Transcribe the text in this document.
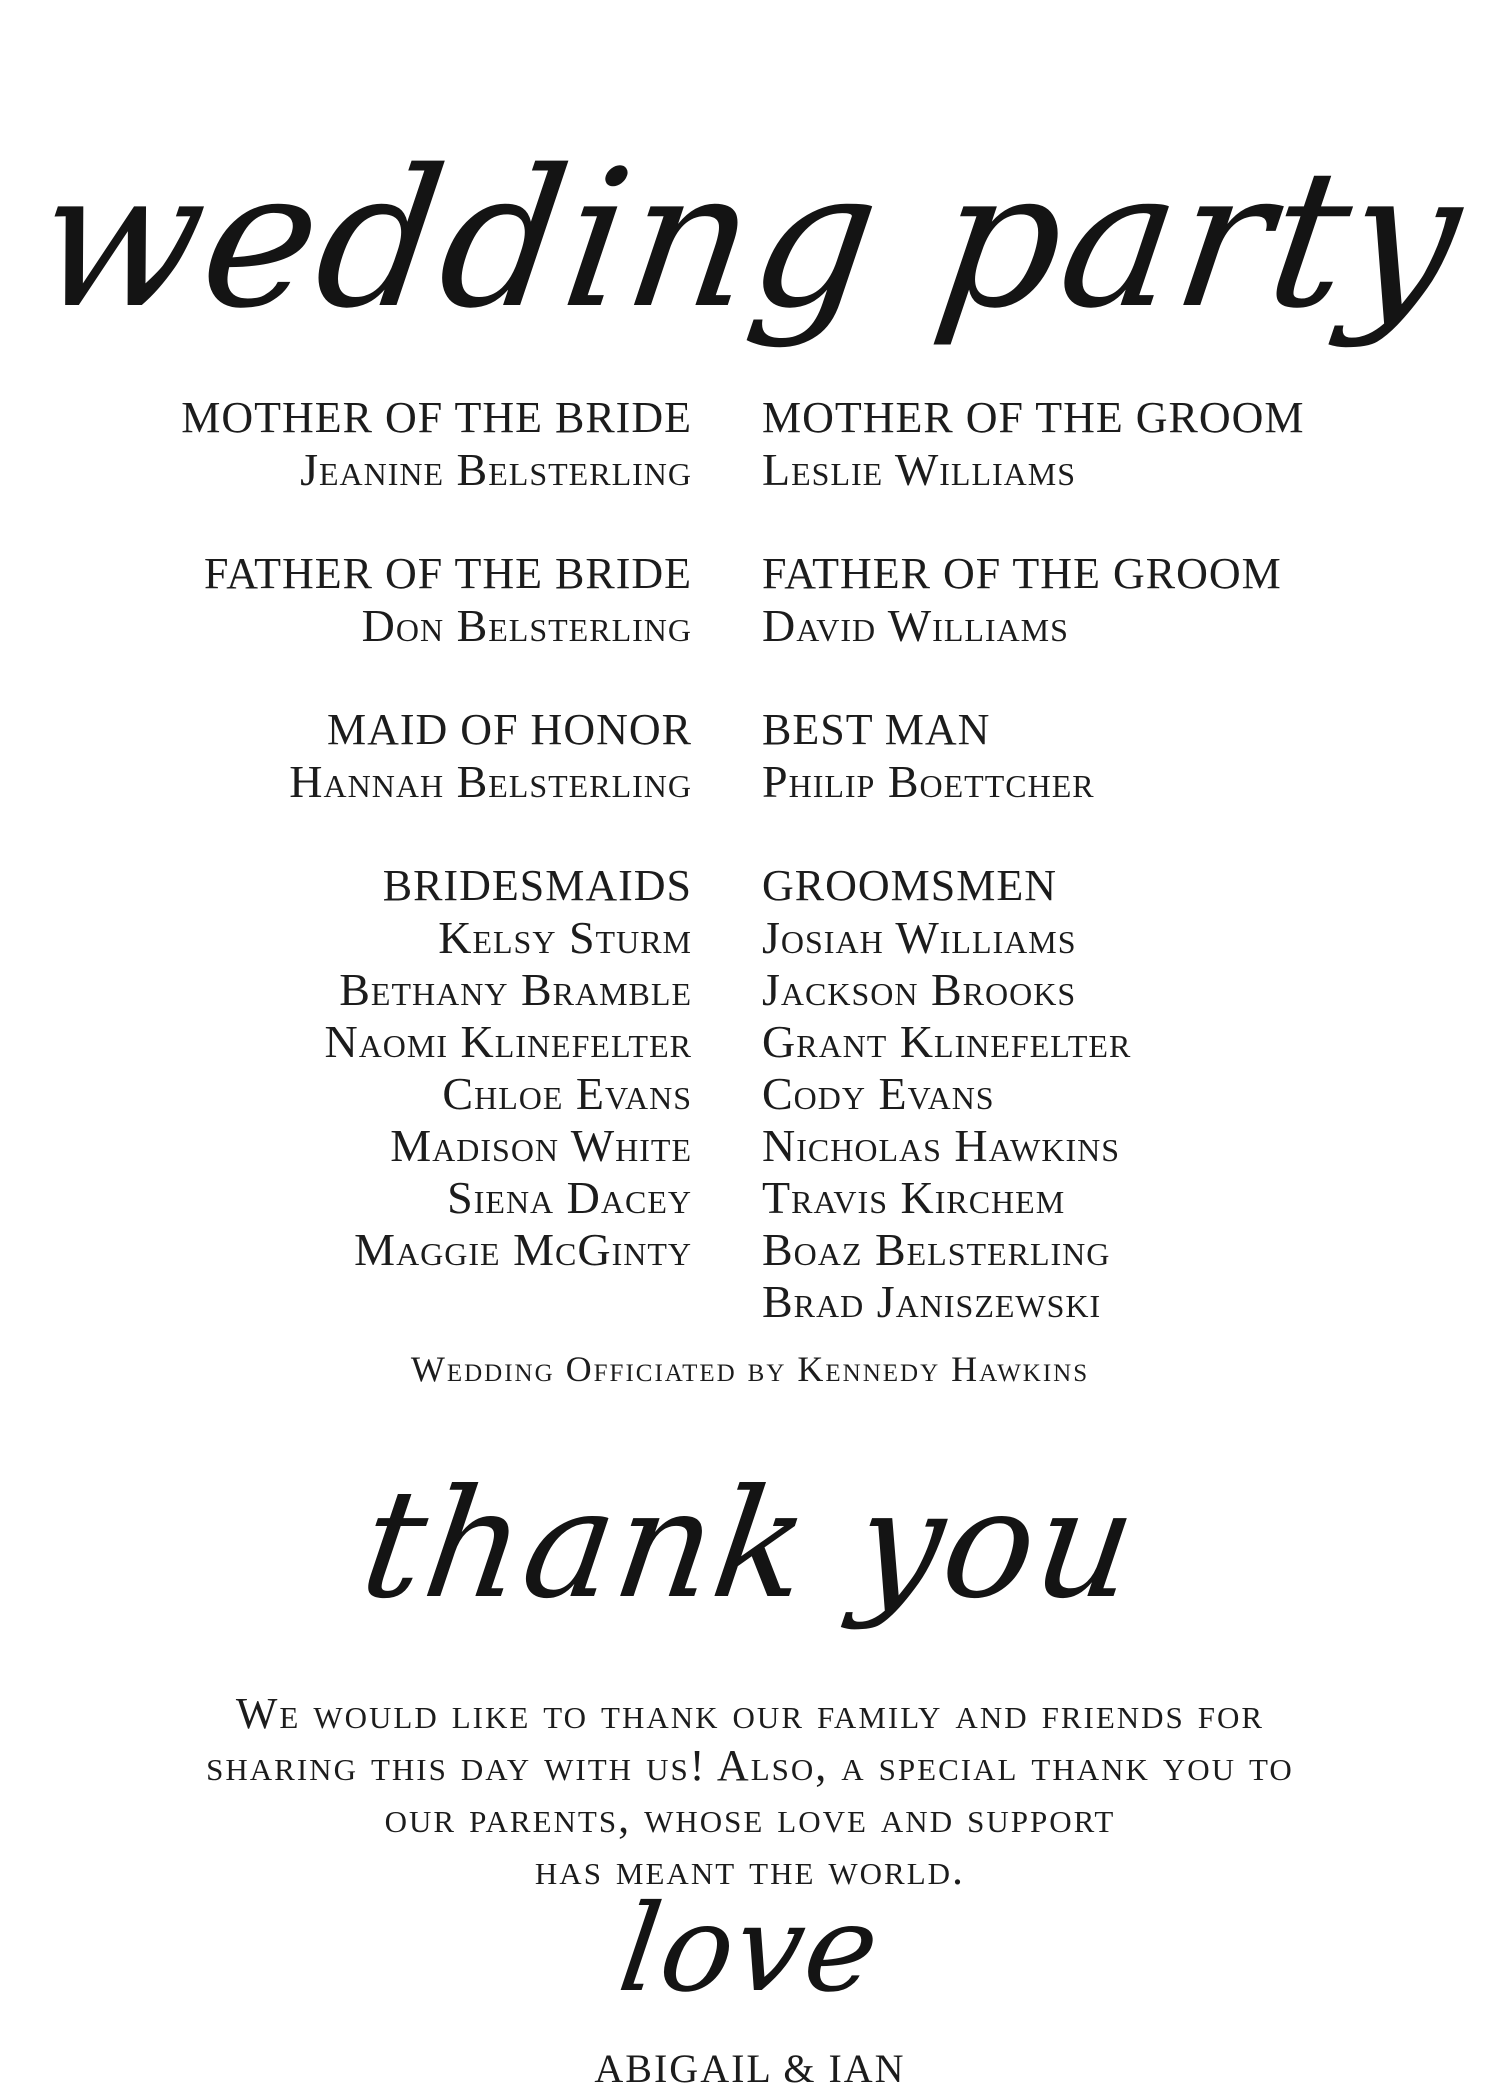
wedding party
MOTHER OF THE BRIDE
Jeanine Belsterling
FATHER OF THE BRIDE
Don Belsterling
MAID OF HONOR
Hannah Belsterling
BRIDESMAIDS
Kelsy Sturm
Bethany Bramble
Naomi Klinefelter
Chloe Evans
Madison White
Siena Dacey
Maggie McGinty
MOTHER OF THE GROOM
Leslie Williams
FATHER OF THE GROOM
David Williams
BEST MAN
Philip Boettcher
GROOMSMEN
Josiah Williams
Jackson Brooks
Grant Klinefelter
Cody Evans
Nicholas Hawkins
Travis Kirchem
Boaz Belsterling
Brad Janiszewski
Wedding Officiated by Kennedy Hawkins
thank you
We would like to thank our family and friends for
sharing this day with us! Also, a special thank you to
our parents, whose love and support
has meant the world.
love
ABIGAIL & IAN
